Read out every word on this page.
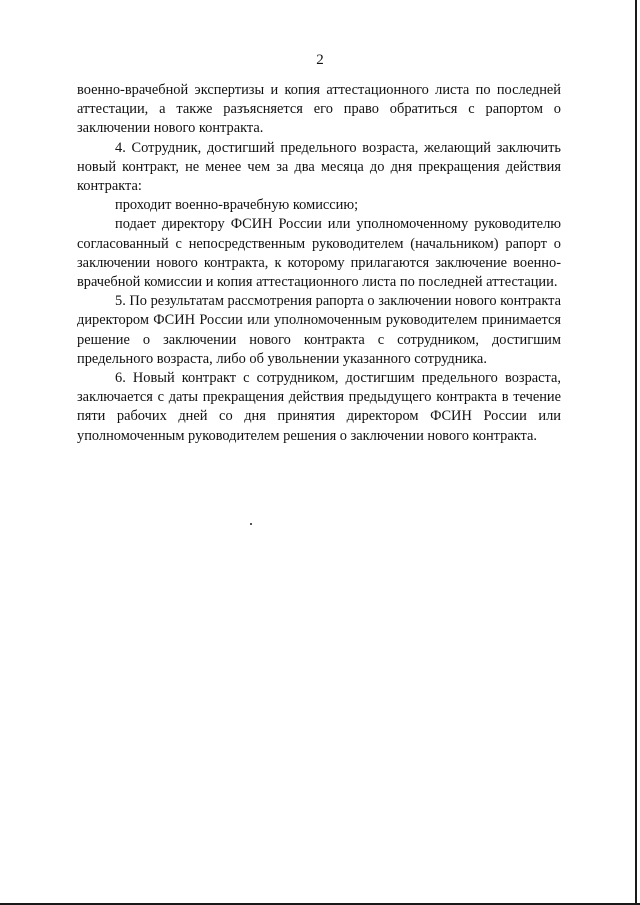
2

военно-врачебной экспертизы и копия аттестационного листа по последней аттестации, а также разъясняется его право обратиться с рапортом о заключении нового контракта.

4. Сотрудник, достигший предельного возраста, желающий заключить новый контракт, не менее чем за два месяца до дня прекращения действия контракта:

проходит военно-врачебную комиссию;

подает директору ФСИН России или уполномоченному руководителю согласованный с непосредственным руководителем (начальником) рапорт о заключении нового контракта, к которому прилагаются заключение военно-врачебной комиссии и копия аттестационного листа по последней аттестации.

5. По результатам рассмотрения рапорта о заключении нового контракта директором ФСИН России или уполномоченным руководителем принимается решение о заключении нового контракта с сотрудником, достигшим предельного возраста, либо об увольнении указанного сотрудника.

6. Новый контракт с сотрудником, достигшим предельного возраста, заключается с даты прекращения действия предыдущего контракта в течение пяти рабочих дней со дня принятия директором ФСИН России или уполномоченным руководителем решения о заключении нового контракта.
